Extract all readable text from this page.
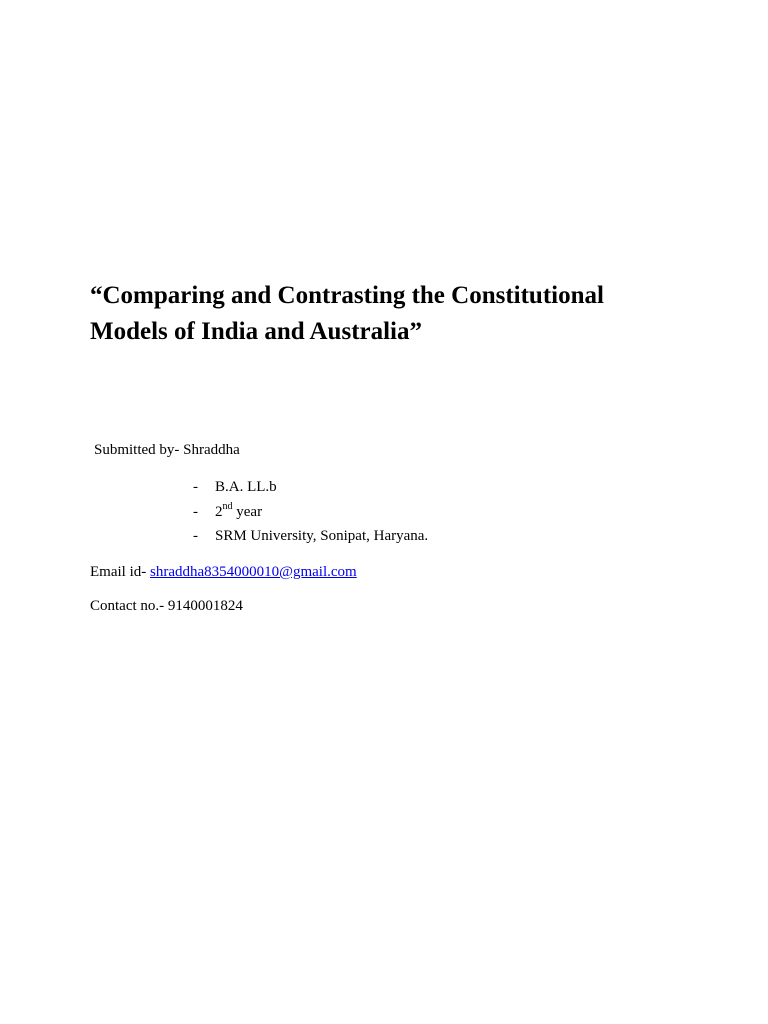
“Comparing and Contrasting the Constitutional
Models of India and Australia”
Submitted by- Shraddha
- B.A. LL.b
- 2nd year
- SRM University, Sonipat, Haryana.
Email id- shraddha8354000010@gmail.com
Contact no.- 9140001824
